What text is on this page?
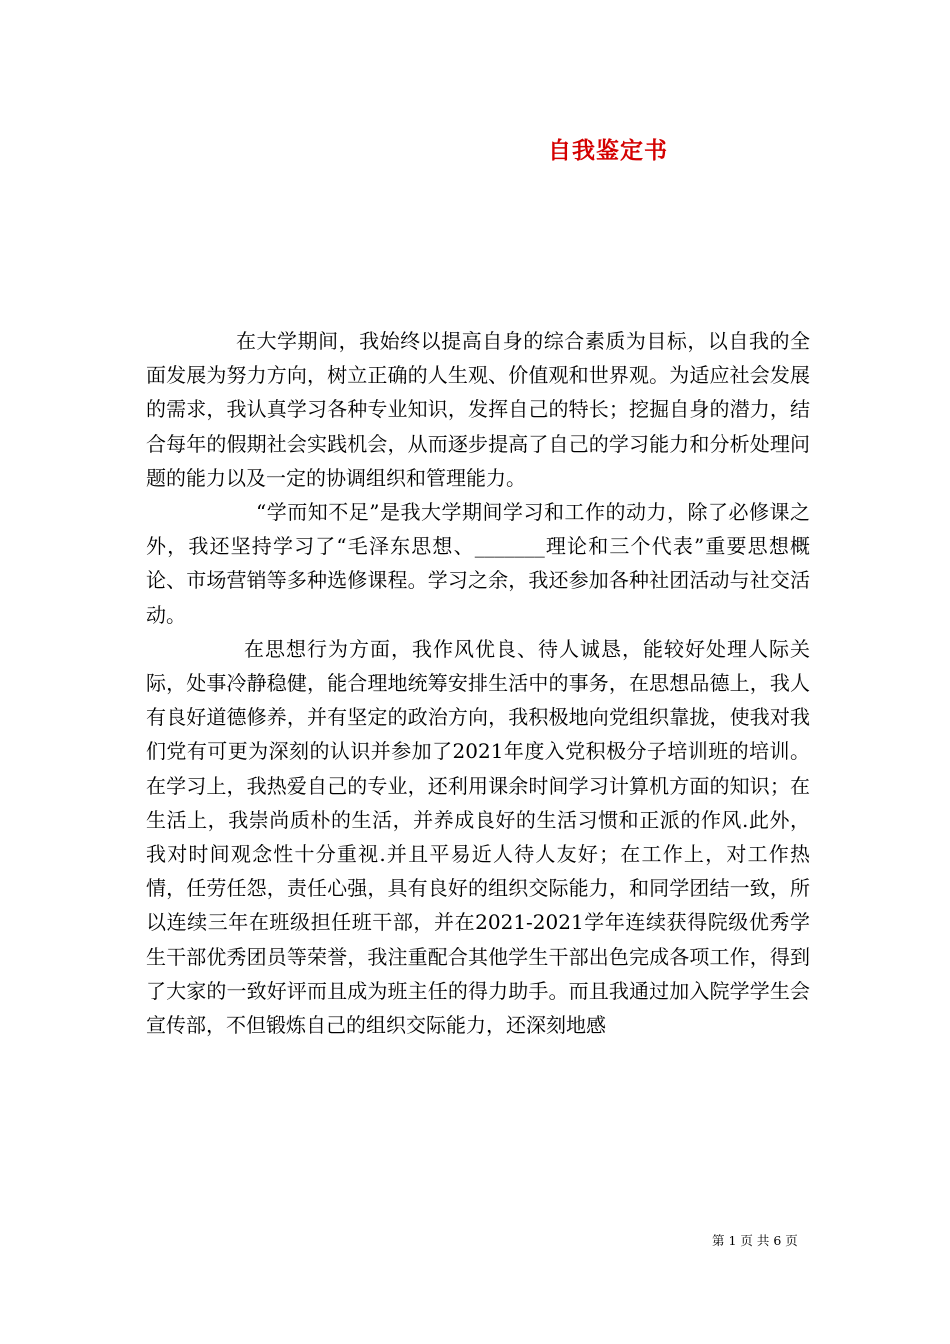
自我鉴定书

在大学期间，我始终以提高自身的综合素质为目标，以自我的全面发展为努力方向，树立正确的人生观、价值观和世界观。为适应社会发展的需求，我认真学习各种专业知识，发挥自己的特长；挖掘自身的潜力，结合每年的假期社会实践机会，从而逐步提高了自己的学习能力和分析处理问题的能力以及一定的协调组织和管理能力。

“学而知不足”是我大学期间学习和工作的动力，除了必修课之外，我还坚持学习了“毛泽东思想、_______理论和三个代表”重要思想概论、市场营销等多种选修课程。学习之余，我还参加各种社团活动与社交活动。

在思想行为方面，我作风优良、待人诚恳，能较好处理人际关际，处事冷静稳健，能合理地统筹安排生活中的事务，在思想品德上，我人有良好道德修养，并有坚定的政治方向，我积极地向党组织靠拢，使我对我们党有可更为深刻的认识并参加了2021年度入党积极分子培训班的培训。在学习上，我热爱自己的专业，还利用课余时间学习计算机方面的知识；在生活上，我崇尚质朴的生活，并养成良好的生活习惯和正派的作风.此外，我对时间观念性十分重视.并且平易近人待人友好；在工作上，对工作热情，任劳任怨，责任心强，具有良好的组织交际能力，和同学团结一致，所以连续三年在班级担任班干部，并在2021-2021学年连续获得院级优秀学生干部优秀团员等荣誉，我注重配合其他学生干部出色完成各项工作，得到了大家的一致好评而且成为班主任的得力助手。而且我通过加入院学学生会宣传部，不但锻炼自己的组织交际能力，还深刻地感

第 1 页 共 6 页
